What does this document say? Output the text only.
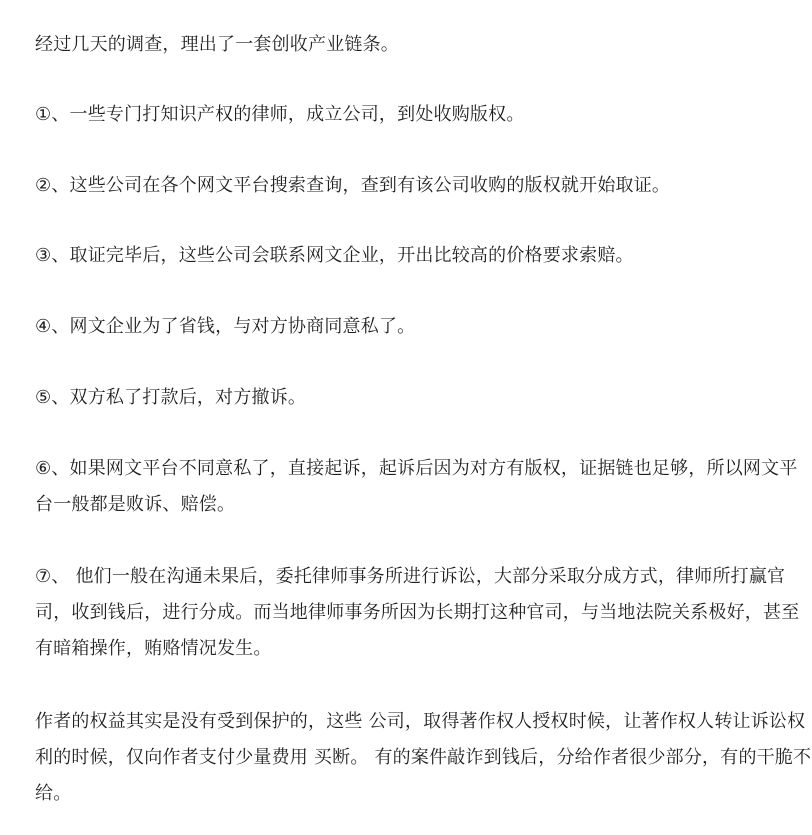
经过几天的调查，理出了一套创收产业链条。

①、一些专门打知识产权的律师，成立公司，到处收购版权。

②、这些公司在各个网文平台搜索查询，查到有该公司收购的版权就开始取证。

③、取证完毕后，这些公司会联系网文企业，开出比较高的价格要求索赔。

④、网文企业为了省钱，与对方协商同意私了。

⑤、双方私了打款后，对方撤诉。

⑥、如果网文平台不同意私了，直接起诉，起诉后因为对方有版权，证据链也足够，所以网文平台一般都是败诉、赔偿。

⑦、 他们一般在沟通未果后，委托律师事务所进行诉讼，大部分采取分成方式，律师所打赢官司，收到钱后，进行分成。而当地律师事务所因为长期打这种官司，与当地法院关系极好，甚至有暗箱操作，贿赂情况发生。

作者的权益其实是没有受到保护的，这些 公司，取得著作权人授权时候，让著作权人转让诉讼权利的时候，仅向作者支付少量费用 买断。 有的案件敲诈到钱后，分给作者很少部分，有的干脆不给。
